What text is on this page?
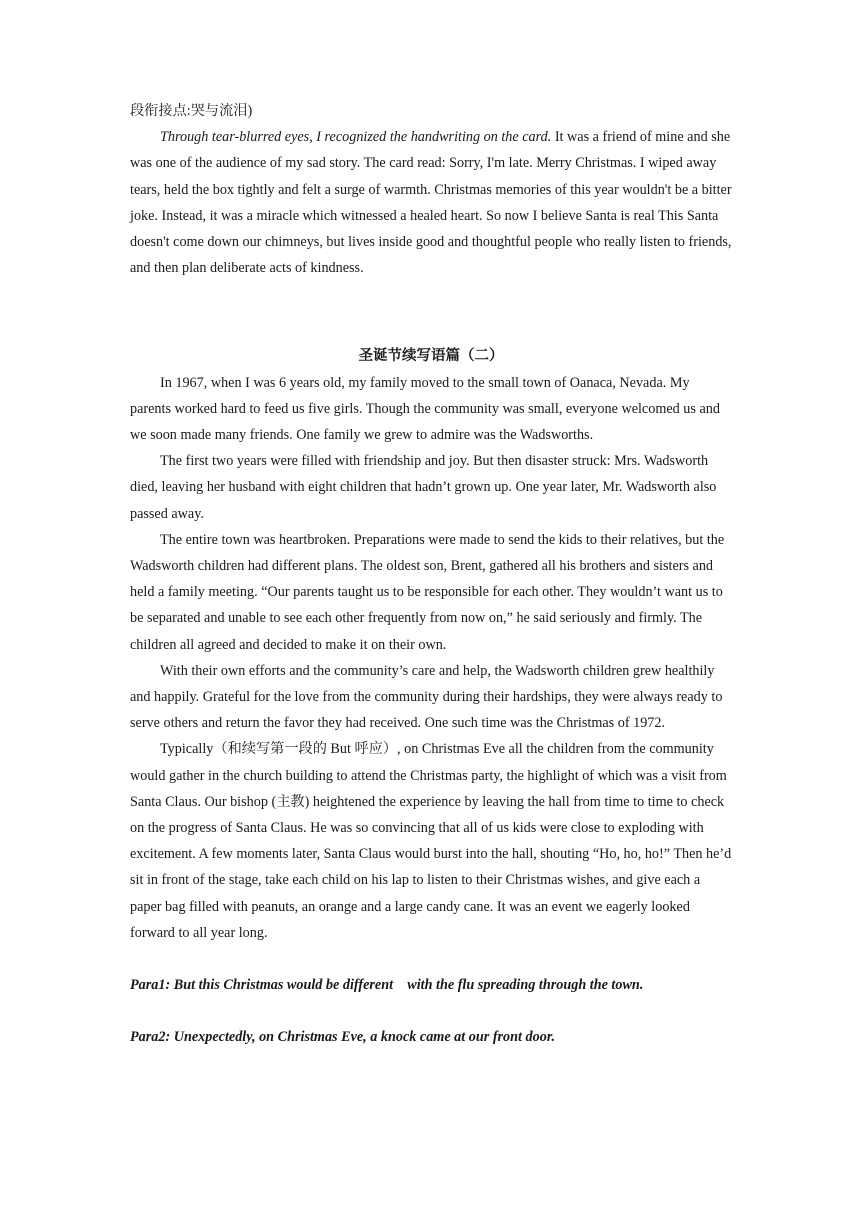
段衔接点:哭与流泪)

Through tear-blurred eyes, I recognized the handwriting on the card. It was a friend of mine and she was one of the audience of my sad story. The card read: Sorry, I'm late. Merry Christmas. I wiped away tears, held the box tightly and felt a surge of warmth. Christmas memories of this year wouldn't be a bitter joke. Instead, it was a miracle which witnessed a healed heart. So now I believe Santa is real This Santa doesn't come down our chimneys, but lives inside good and thoughtful people who really listen to friends, and then plan deliberate acts of kindness.

圣诞节续写语篇（二）

In 1967, when I was 6 years old, my family moved to the small town of Oanaca, Nevada. My parents worked hard to feed us five girls. Though the community was small, everyone welcomed us and we soon made many friends. One family we grew to admire was the Wadsworths.

The first two years were filled with friendship and joy. But then disaster struck: Mrs. Wadsworth died, leaving her husband with eight children that hadn’t grown up. One year later, Mr. Wadsworth also passed away.

The entire town was heartbroken. Preparations were made to send the kids to their relatives, but the Wadsworth children had different plans. The oldest son, Brent, gathered all his brothers and sisters and held a family meeting. “Our parents taught us to be responsible for each other. They wouldn’t want us to be separated and unable to see each other frequently from now on,” he said seriously and firmly. The children all agreed and decided to make it on their own.

With their own efforts and the community’s care and help, the Wadsworth children grew healthily and happily. Grateful for the love from the community during their hardships, they were always ready to serve others and return the favor they had received. One such time was the Christmas of 1972.

Typically（和续写第一段的 But 呼应）, on Christmas Eve all the children from the community would gather in the church building to attend the Christmas party, the highlight of which was a visit from Santa Claus. Our bishop (主教) heightened the experience by leaving the hall from time to time to check on the progress of Santa Claus. He was so convincing that all of us kids were close to exploding with excitement. A few moments later, Santa Claus would burst into the hall, shouting “Ho, ho, ho!” Then he’d sit in front of the stage, take each child on his lap to listen to their Christmas wishes, and give each a paper bag filled with peanuts, an orange and a large candy cane. It was an event we eagerly looked forward to all year long.

Para1: But this Christmas would be different    with the flu spreading through the town.

Para2: Unexpectedly, on Christmas Eve, a knock came at our front door.
